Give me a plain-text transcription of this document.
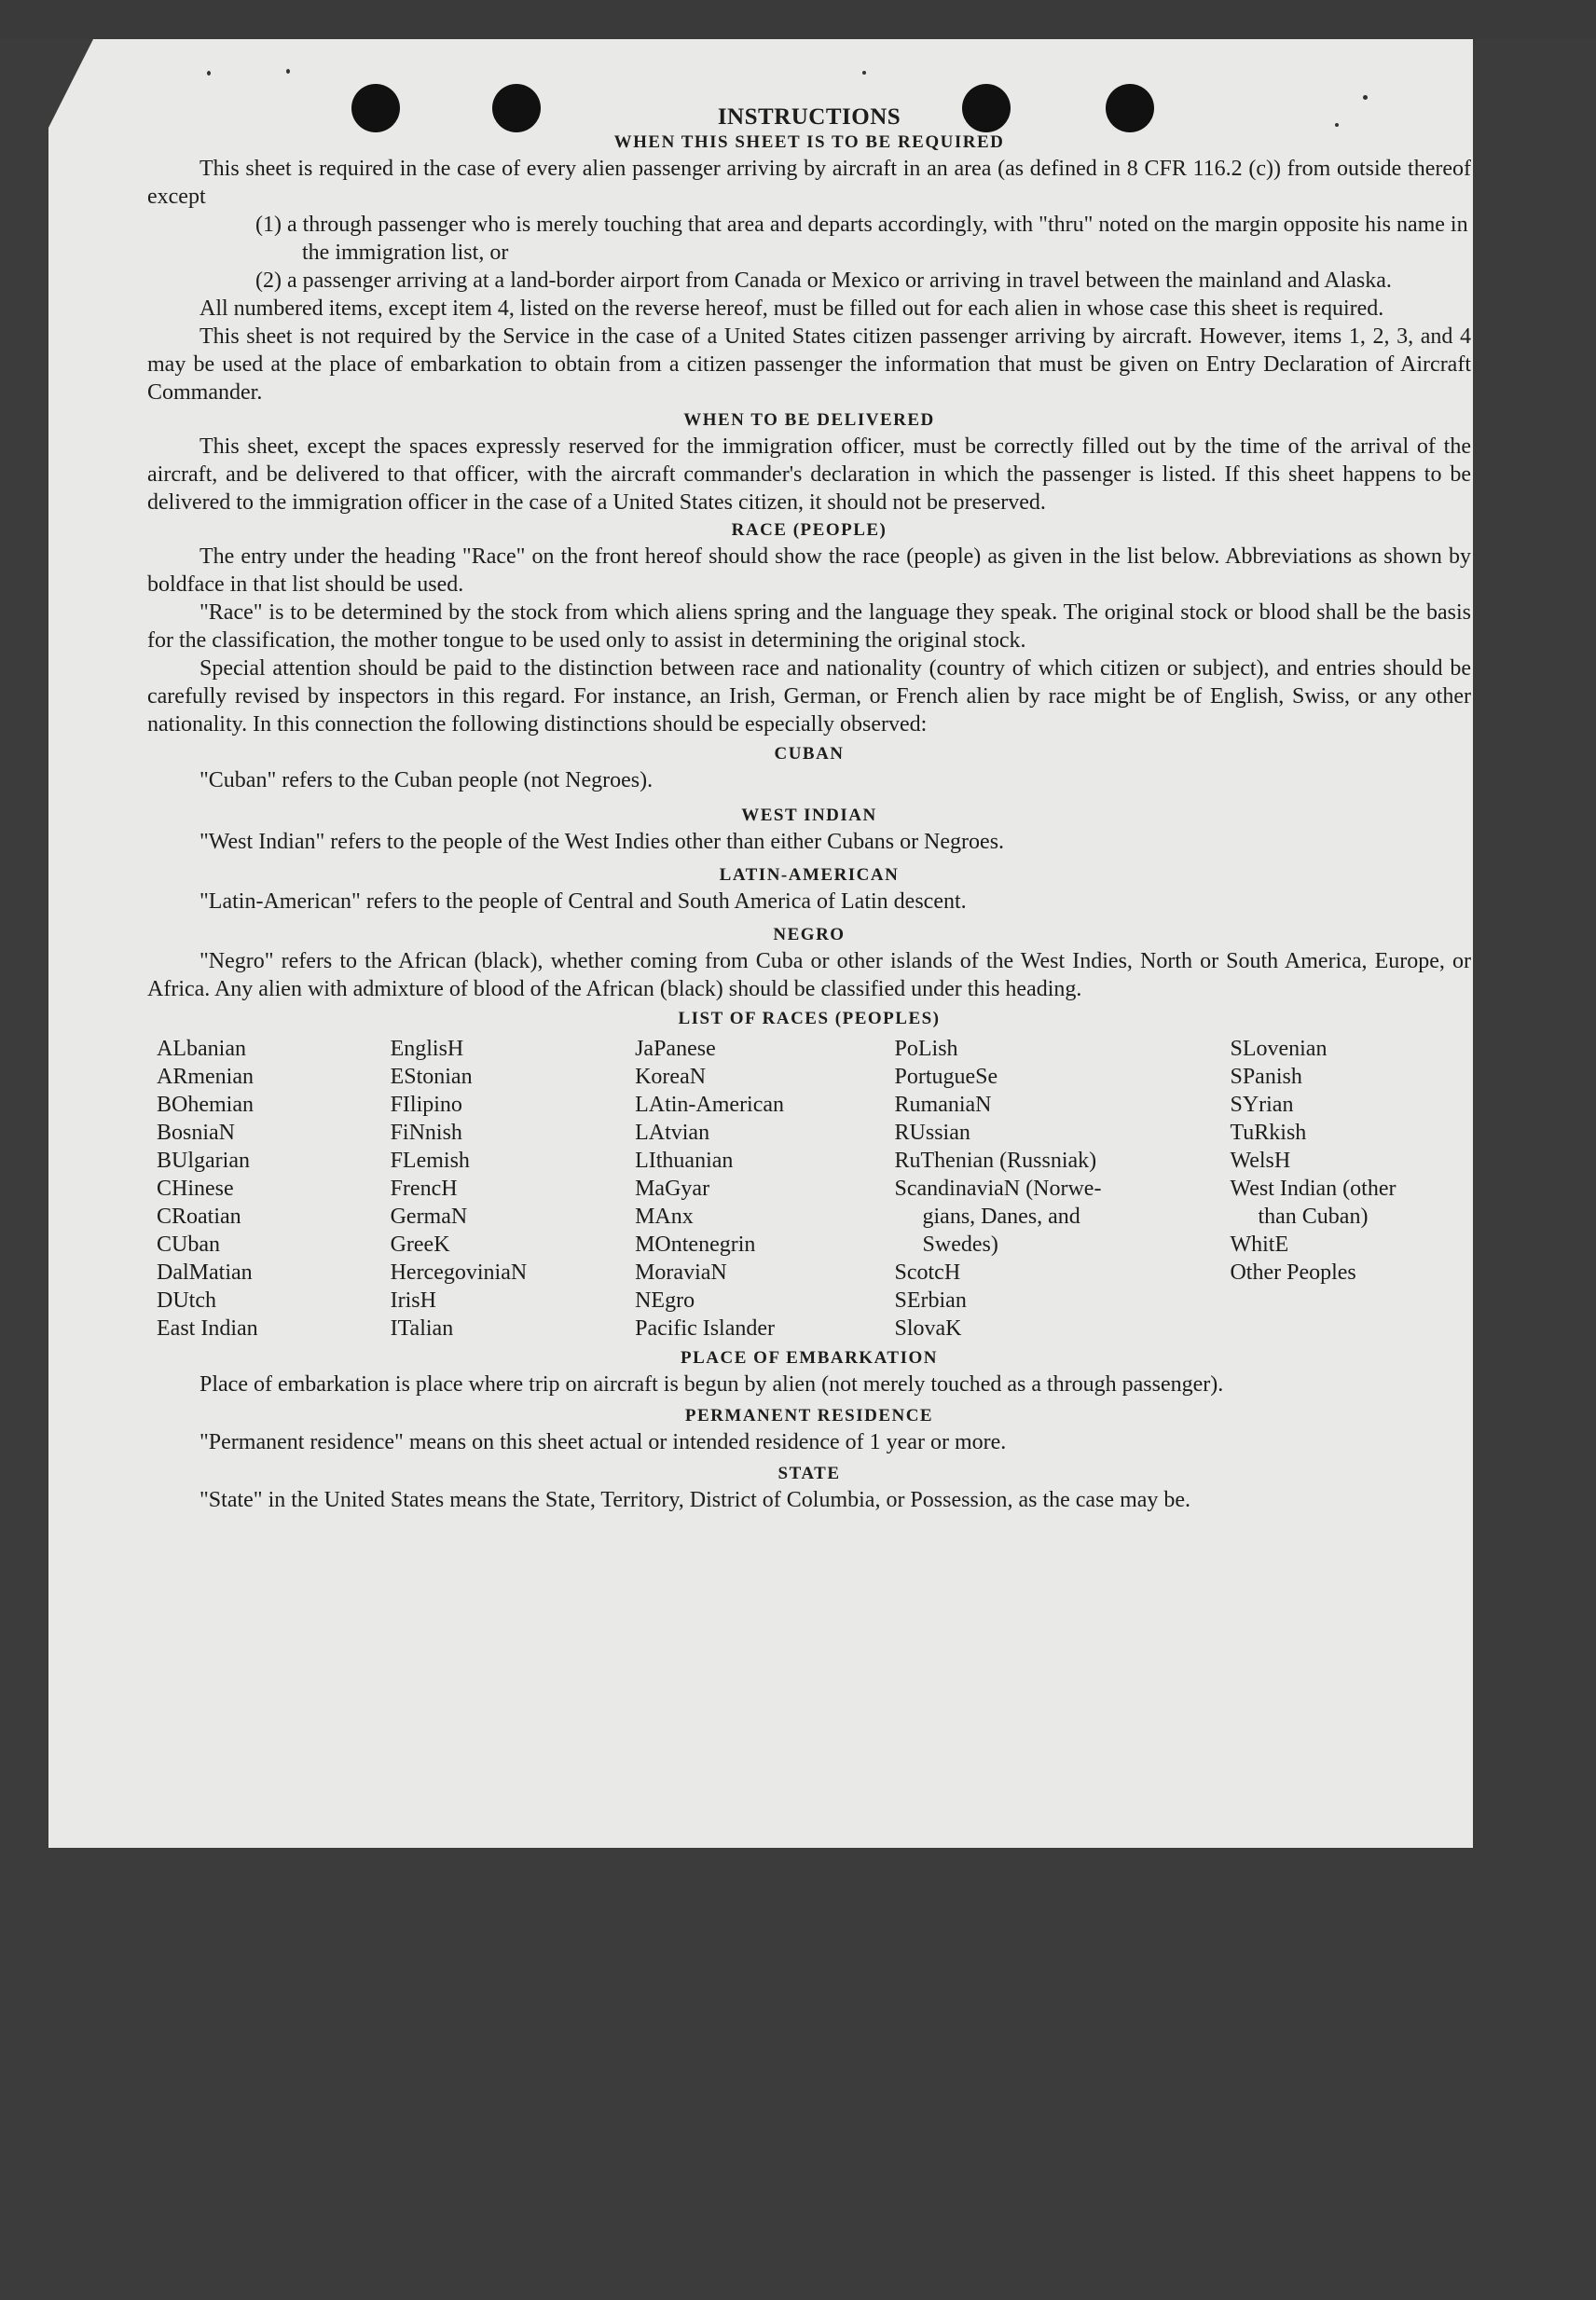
INSTRUCTIONS

WHEN THIS SHEET IS TO BE REQUIRED

This sheet is required in the case of every alien passenger arriving by aircraft in an area (as defined in 8 CFR 116.2 (c)) from outside thereof except

(1) a through passenger who is merely touching that area and departs accordingly, with "thru" noted on the margin opposite his name in the immigration list, or

(2) a passenger arriving at a land-border airport from Canada or Mexico or arriving in travel between the mainland and Alaska.

All numbered items, except item 4, listed on the reverse hereof, must be filled out for each alien in whose case this sheet is required.

This sheet is not required by the Service in the case of a United States citizen passenger arriving by aircraft. However, items 1, 2, 3, and 4 may be used at the place of embarkation to obtain from a citizen passenger the information that must be given on Entry Declaration of Aircraft Commander.

WHEN TO BE DELIVERED

This sheet, except the spaces expressly reserved for the immigration officer, must be correctly filled out by the time of the arrival of the aircraft, and be delivered to that officer, with the aircraft commander's declaration in which the passenger is listed. If this sheet happens to be delivered to the immigration officer in the case of a United States citizen, it should not be preserved.

RACE (PEOPLE)

The entry under the heading "Race" on the front hereof should show the race (people) as given in the list below. Abbreviations as shown by boldface in that list should be used.

"Race" is to be determined by the stock from which aliens spring and the language they speak. The original stock or blood shall be the basis for the classification, the mother tongue to be used only to assist in determining the original stock.

Special attention should be paid to the distinction between race and nationality (country of which citizen or subject), and entries should be carefully revised by inspectors in this regard. For instance, an Irish, German, or French alien by race might be of English, Swiss, or any other nationality. In this connection the following distinctions should be especially observed:

CUBAN

"Cuban" refers to the Cuban people (not Negroes).

WEST INDIAN

"West Indian" refers to the people of the West Indies other than either Cubans or Negroes.

LATIN-AMERICAN

"Latin-American" refers to the people of Central and South America of Latin descent.

NEGRO

"Negro" refers to the African (black), whether coming from Cuba or other islands of the West Indies, North or South America, Europe, or Africa. Any alien with admixture of blood of the African (black) should be classified under this heading.

LIST OF RACES (PEOPLES)

ALbanian
ARmenian
BOhemian
BosniaN
BUlgarian
CHinese
CRoatian
CUban
DalMatian
DUtch
East Indian
EnglisH
EStonian
FIlipino
FiNnish
FLemish
FrencH
GermaN
GreeK
HercegoviniaN
IrisH
ITalian
JaPanese
KoreaN
LAtin-American
LAtvian
LIthuanian
MaGyar
MAnx
MOntenegrin
MoraviaN
NEgro
Pacific Islander
PoLish
PortugueSe
RumaniaN
RUssian
RuThenian (Russniak)
ScandinaviaN (Norwe-
gians, Danes, and
Swedes)
ScotcH
SErbian
SlovaK
SLovenian
SPanish
SYrian
TuRkish
WelsH
West Indian (other
than Cuban)
WhitE
Other Peoples

PLACE OF EMBARKATION

Place of embarkation is place where trip on aircraft is begun by alien (not merely touched as a through passenger).

PERMANENT RESIDENCE

"Permanent residence" means on this sheet actual or intended residence of 1 year or more.

STATE

"State" in the United States means the State, Territory, District of Columbia, or Possession, as the case may be.
